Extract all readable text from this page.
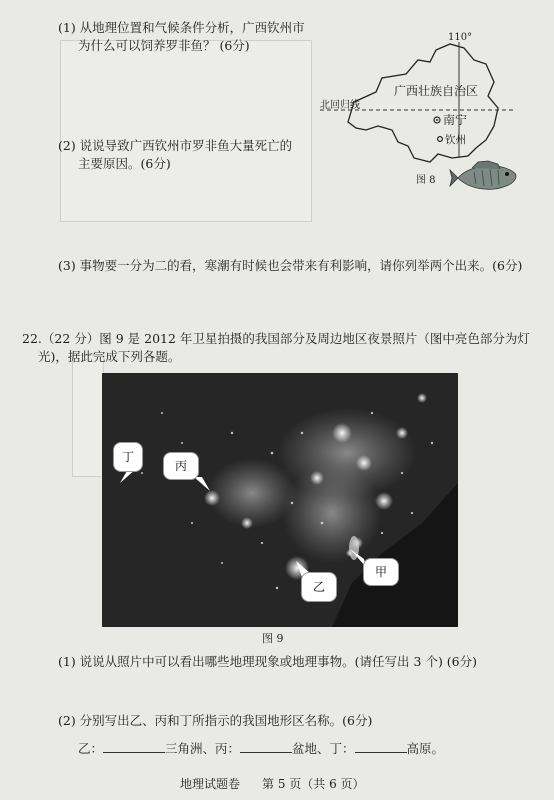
(1) 从地理位置和气候条件分析，广西钦州市
为什么可以饲养罗非鱼？ (6分)
(2) 说说导致广西钦州市罗非鱼大量死亡的
主要原因。(6分)
(3) 事物要一分为二的看，寒潮有时候也会带来有利影响，请你列举两个出来。(6分)
110°
广西壮族自治区
北回归线
南宁
钦州
图 8
22.（22 分）图 9 是 2012 年卫星拍摄的我国部分及周边地区夜景照片（图中亮色部分为灯
光)，据此完成下列各题。
丁
丙
甲
乙
图 9
(1) 说说从照片中可以看出哪些地理现象或地理事物。(请任写出 3 个) (6分)
(2) 分别写出乙、丙和丁所指示的我国地形区名称。(6分)
乙：	三角洲、丙：	盆地、丁：	高原。
地理试题卷 第 5 页（共 6 页）
